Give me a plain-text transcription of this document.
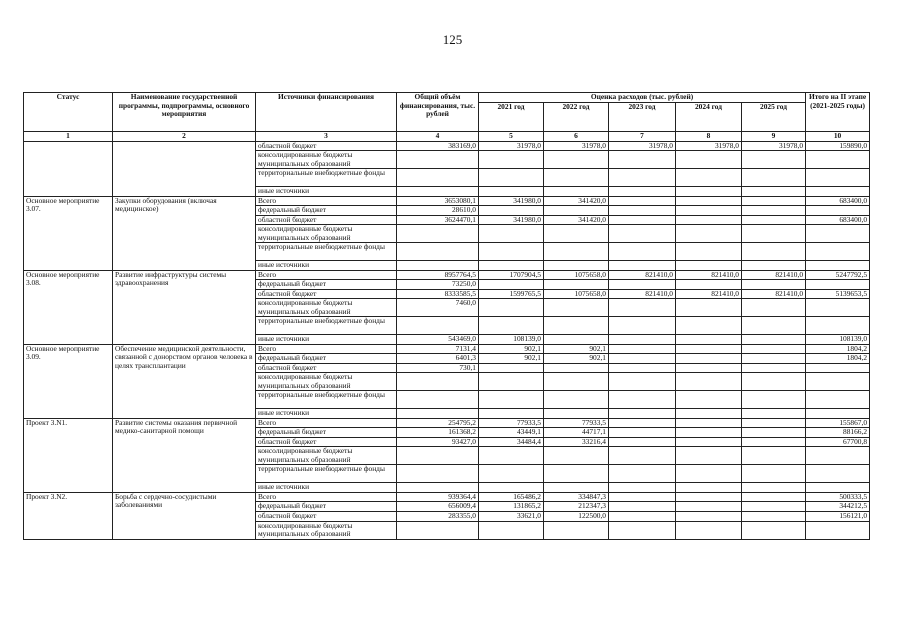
125
Статус	Наименование государственной программы, подпрограммы, основного мероприятия	Источники финансирования	Общий объём финансирования, тыс. рублей	Оценка расходов (тыс. рублей)					Итого на II этапе (2021-2025 годы)
				2021 год	2022 год	2023 год	2024 год	2025 год	
1	2	3	4	5	6	7	8	9	10
		областной бюджет	383169,0	31978,0	31978,0	31978,0	31978,0	31978,0	159890,0
		консолидированные бюджеты муниципальных образований							
		территориальные внебюджетные фонды							
		иные источники							
Основное мероприятие 3.07.	Закупки оборудования (включая медицинское)	Всего	3653080,1	341980,0	341420,0				683400,0
		федеральный бюджет	28610,0						
		областной бюджет	3624470,1	341980,0	341420,0				683400,0
		консолидированные бюджеты муниципальных образований							
		территориальные внебюджетные фонды							
		иные источники							
Основное мероприятие 3.08.	Развитие инфраструктуры системы здравоохранения	Всего	8957764,5	1707904,5	1075658,0	821410,0	821410,0	821410,0	5247792,5
		федеральный бюджет	73250,0						
		областной бюджет	8333585,5	1599765,5	1075658,0	821410,0	821410,0	821410,0	5139653,5
		консолидированные бюджеты муниципальных образований	7460,0						
		территориальные внебюджетные фонды							
		иные источники	543469,0	108139,0					108139,0
Основное мероприятие 3.09.	Обеспечение медицинской деятельности, связанной с донорством органов человека в целях трансплантации	Всего	7131,4	902,1	902,1				1804,2
		федеральный бюджет	6401,3	902,1	902,1				1804,2
		областной бюджет	730,1						
		консолидированные бюджеты муниципальных образований							
		территориальные внебюджетные фонды							
		иные источники							
Проект 3.N1.	Развитие системы оказания первичной медико-санитарной помощи	Всего	254795,2	77933,5	77933,5				155867,0
		федеральный бюджет	161368,2	43449,1	44717,1				88166,2
		областной бюджет	93427,0	34484,4	33216,4				67700,8
		консолидированные бюджеты муниципальных образований							
		территориальные внебюджетные фонды							
		иные источники							
Проект 3.N2.	Борьба с сердечно-сосудистыми заболеваниями	Всего	939364,4	165486,2	334847,3				500333,5
		федеральный бюджет	656009,4	131865,2	212347,3				344212,5
		областной бюджет	283355,0	33621,0	122500,0				156121,0
		консолидированные бюджеты муниципальных образований							
